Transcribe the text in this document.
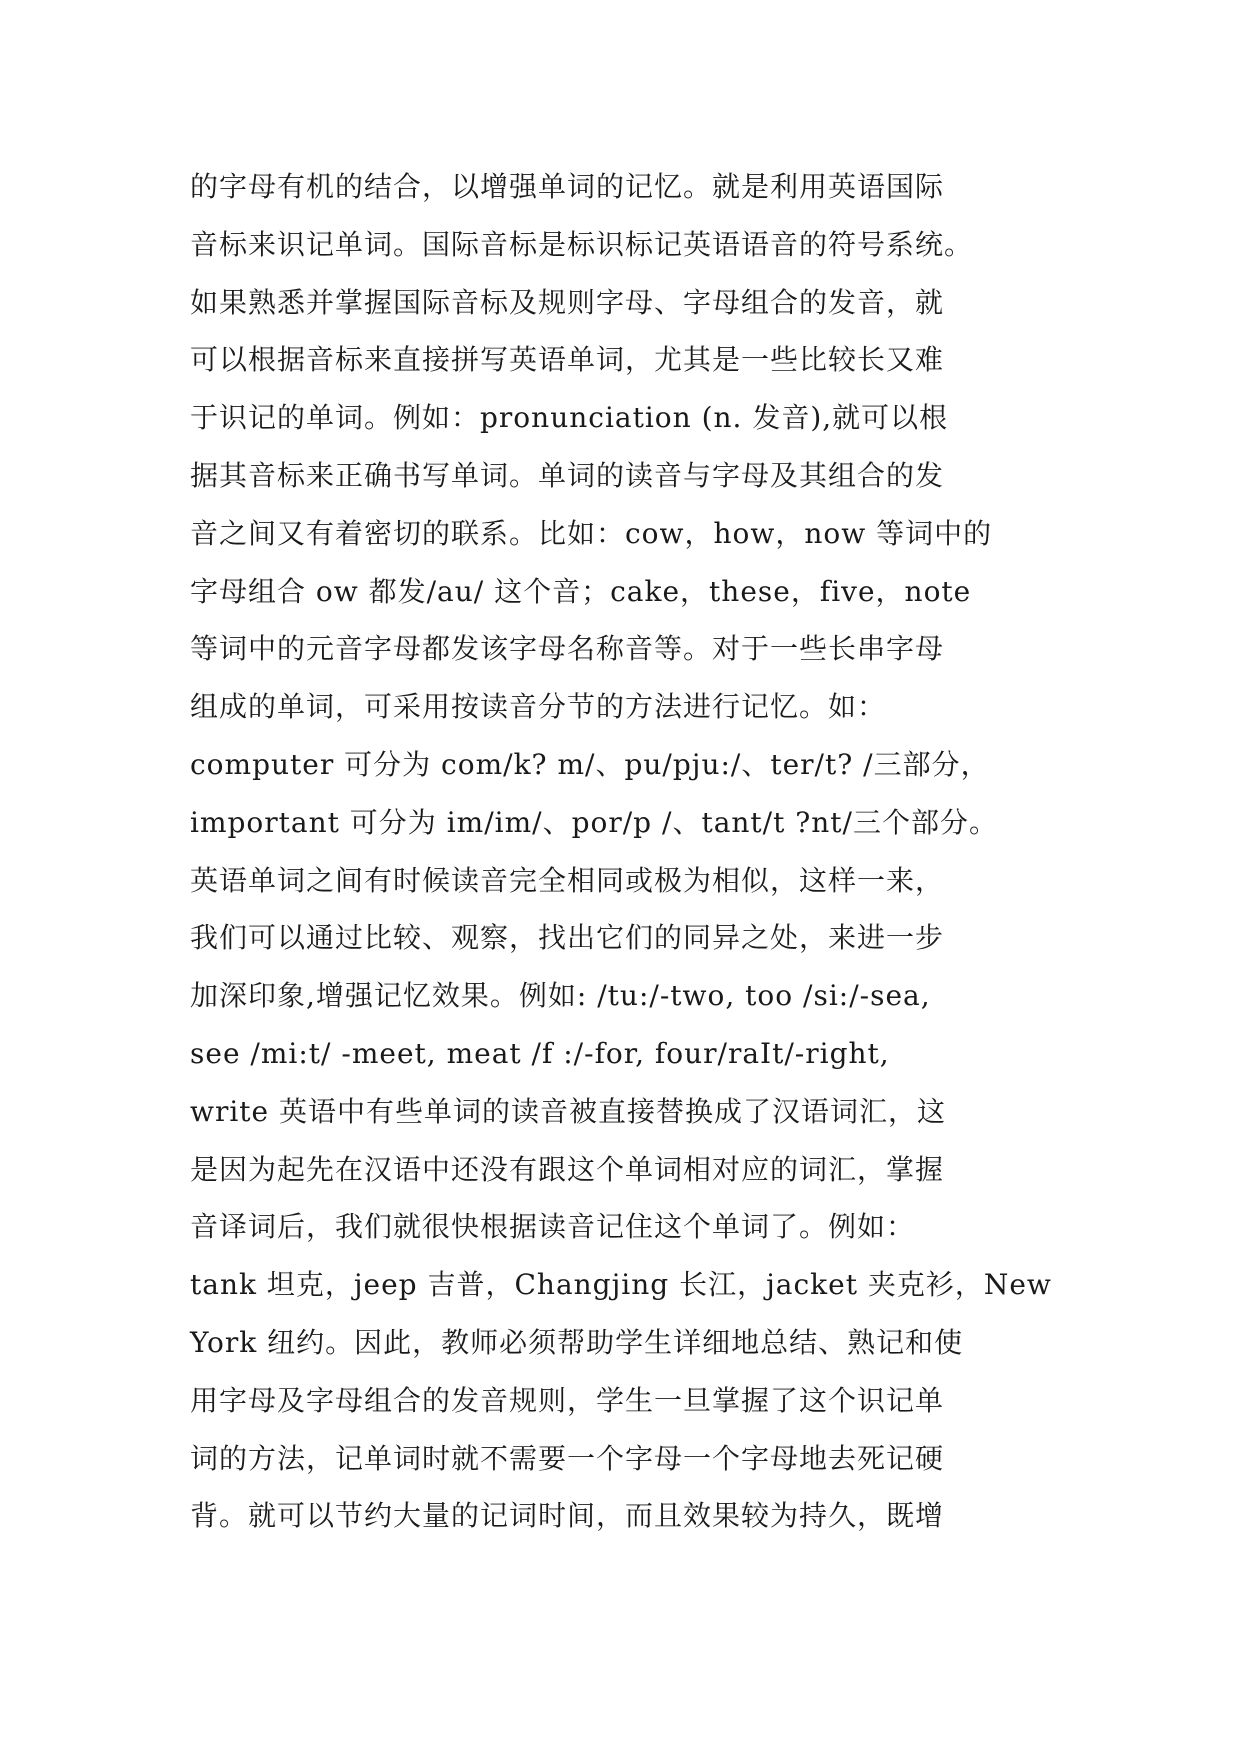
的字母有机的结合，以增强单词的记忆。就是利用英语国际
音标来识记单词。国际音标是标识标记英语语音的符号系统。
如果熟悉并掌握国际音标及规则字母、字母组合的发音，就
可以根据音标来直接拼写英语单词，尤其是一些比较长又难
于识记的单词。例如：pronunciation (n. 发音),就可以根
据其音标来正确书写单词。单词的读音与字母及其组合的发
音之间又有着密切的联系。比如：cow，how，now 等词中的
字母组合 ow 都发/au/ 这个音；cake，these，five，note
等词中的元音字母都发该字母名称音等。对于一些长串字母
组成的单词，可采用按读音分节的方法进行记忆。如：
computer 可分为 com/k? m/、pu/pju:/、ter/t? /三部分，
important 可分为 im/im/、por/p /、tant/t ?nt/三个部分。
英语单词之间有时候读音完全相同或极为相似，这样一来，
我们可以通过比较、观察，找出它们的同异之处，来进一步
加深印象,增强记忆效果。例如: /tu:/-two, too /si:/-sea,
see /mi:t/ -meet, meat /f :/-for, four/raIt/-right,
write 英语中有些单词的读音被直接替换成了汉语词汇，这
是因为起先在汉语中还没有跟这个单词相对应的词汇，掌握
音译词后，我们就很快根据读音记住这个单词了。例如：
tank 坦克，jeep 吉普，Changjing 长江，jacket 夹克衫，New
York 纽约。因此，教师必须帮助学生详细地总结、熟记和使
用字母及字母组合的发音规则，学生一旦掌握了这个识记单
词的方法，记单词时就不需要一个字母一个字母地去死记硬
背。就可以节约大量的记词时间，而且效果较为持久，既增
